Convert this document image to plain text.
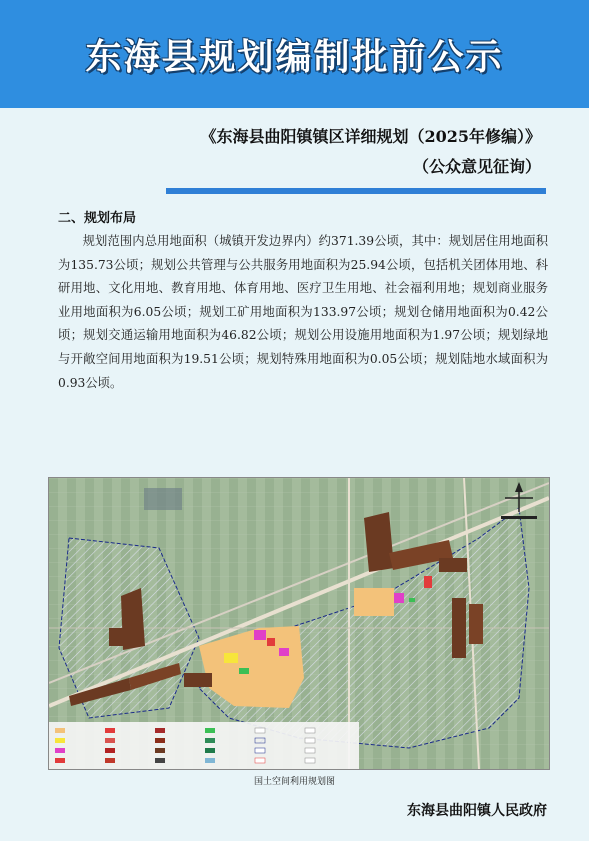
东海县规划编制批前公示
《东海县曲阳镇镇区详细规划（2025年修编）》
（公众意见征询）
二、规划布局

规划范围内总用地面积（城镇开发边界内）约371.39公顷，其中：规划居住用地面积为135.73公顷；规划公共管理与公共服务用地面积为25.94公顷，包括机关团体用地、科研用地、文化用地、教育用地、体育用地、医疗卫生用地、社会福利用地；规划商业服务业用地面积为6.05公顷；规划工矿用地面积为133.97公顷；规划仓储用地面积为0.42公顷；规划交通运输用地面积为46.82公顷；规划公用设施用地面积为1.97公顷；规划绿地与开敞空间用地面积为19.51公顷；规划特殊用地面积为0.05公顷；规划陆地水域面积为0.93公顷。

国土空间利用规划图
东海县曲阳镇人民政府
